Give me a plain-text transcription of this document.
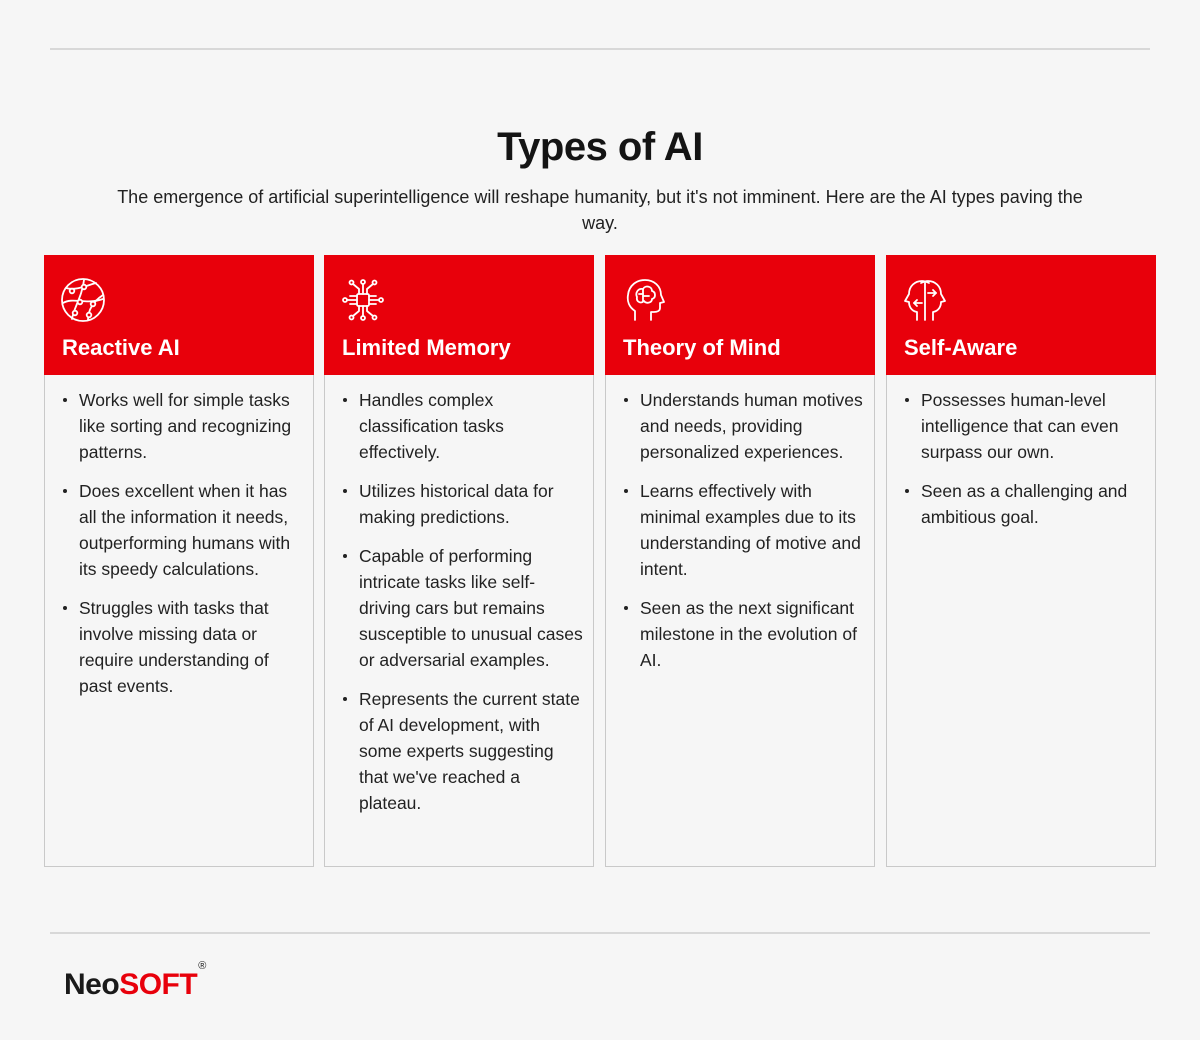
Types of AI

The emergence of artificial superintelligence will reshape humanity, but it's not imminent. Here are the AI types paving the way.

Reactive AI
Works well for simple tasks like sorting and recognizing patterns.
Does excellent when it has all the information it needs, outperforming humans with its speedy calculations.
Struggles with tasks that involve missing data or require understanding of past events.
Limited Memory
Handles complex classification tasks effectively.
Utilizes historical data for making predictions.
Capable of performing intricate tasks like self-driving cars but remains susceptible to unusual cases or adversarial examples.
Represents the current state of AI development, with some experts suggesting that we've reached a plateau.
Theory of Mind
Understands human motives and needs, providing personalized experiences.
Learns effectively with minimal examples due to its understanding of motive and intent.
Seen as the next significant milestone in the evolution of AI.
Self-Aware
Possesses human-level intelligence that can even surpass our own.
Seen as a challenging and ambitious goal.
NeoSOFT®
